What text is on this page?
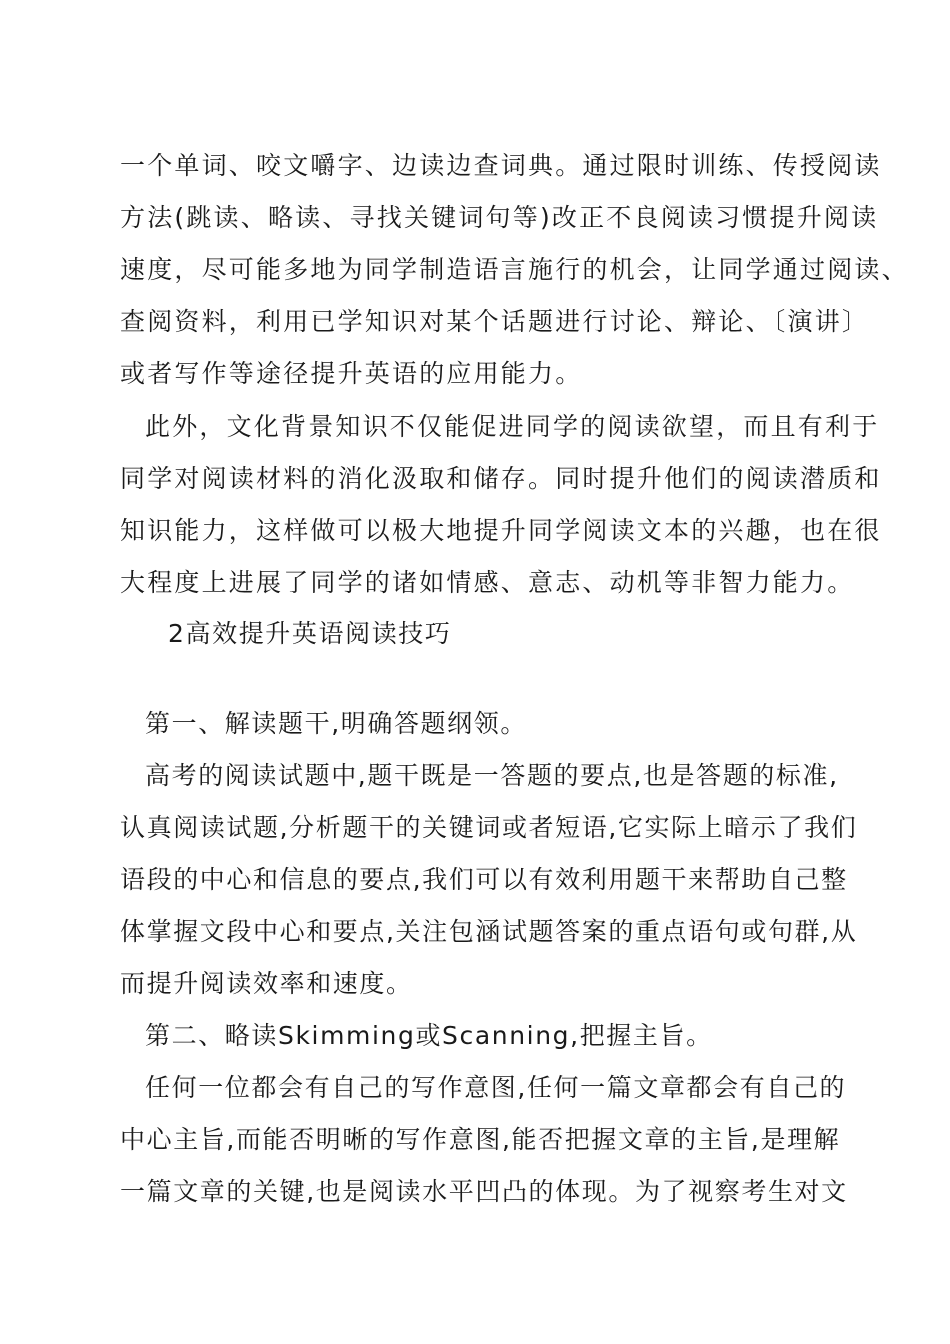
一个单词、咬文嚼字、边读边查词典。通过限时训练、传授阅读
方法(跳读、略读、寻找关键词句等)改正不良阅读习惯提升阅读
速度，尽可能多地为同学制造语言施行的机会，让同学通过阅读、
查阅资料，利用已学知识对某个话题进行讨论、辩论、〔演讲〕
或者写作等途径提升英语的应用能力。
此外，文化背景知识不仅能促进同学的阅读欲望，而且有利于
同学对阅读材料的消化汲取和储存。同时提升他们的阅读潜质和
知识能力，这样做可以极大地提升同学阅读文本的兴趣，也在很
大程度上进展了同学的诸如情感、意志、动机等非智力能力。
2高效提升英语阅读技巧
第一、解读题干,明确答题纲领。
高考的阅读试题中,题干既是一答题的要点,也是答题的标准,
认真阅读试题,分析题干的关键词或者短语,它实际上暗示了我们
语段的中心和信息的要点,我们可以有效利用题干来帮助自己整
体掌握文段中心和要点,关注包涵试题答案的重点语句或句群,从
而提升阅读效率和速度。
第二、略读Skimming或Scanning,把握主旨。
任何一位都会有自己的写作意图,任何一篇文章都会有自己的
中心主旨,而能否明晰的写作意图,能否把握文章的主旨,是理解
一篇文章的关键,也是阅读水平凹凸的体现。为了视察考生对文
